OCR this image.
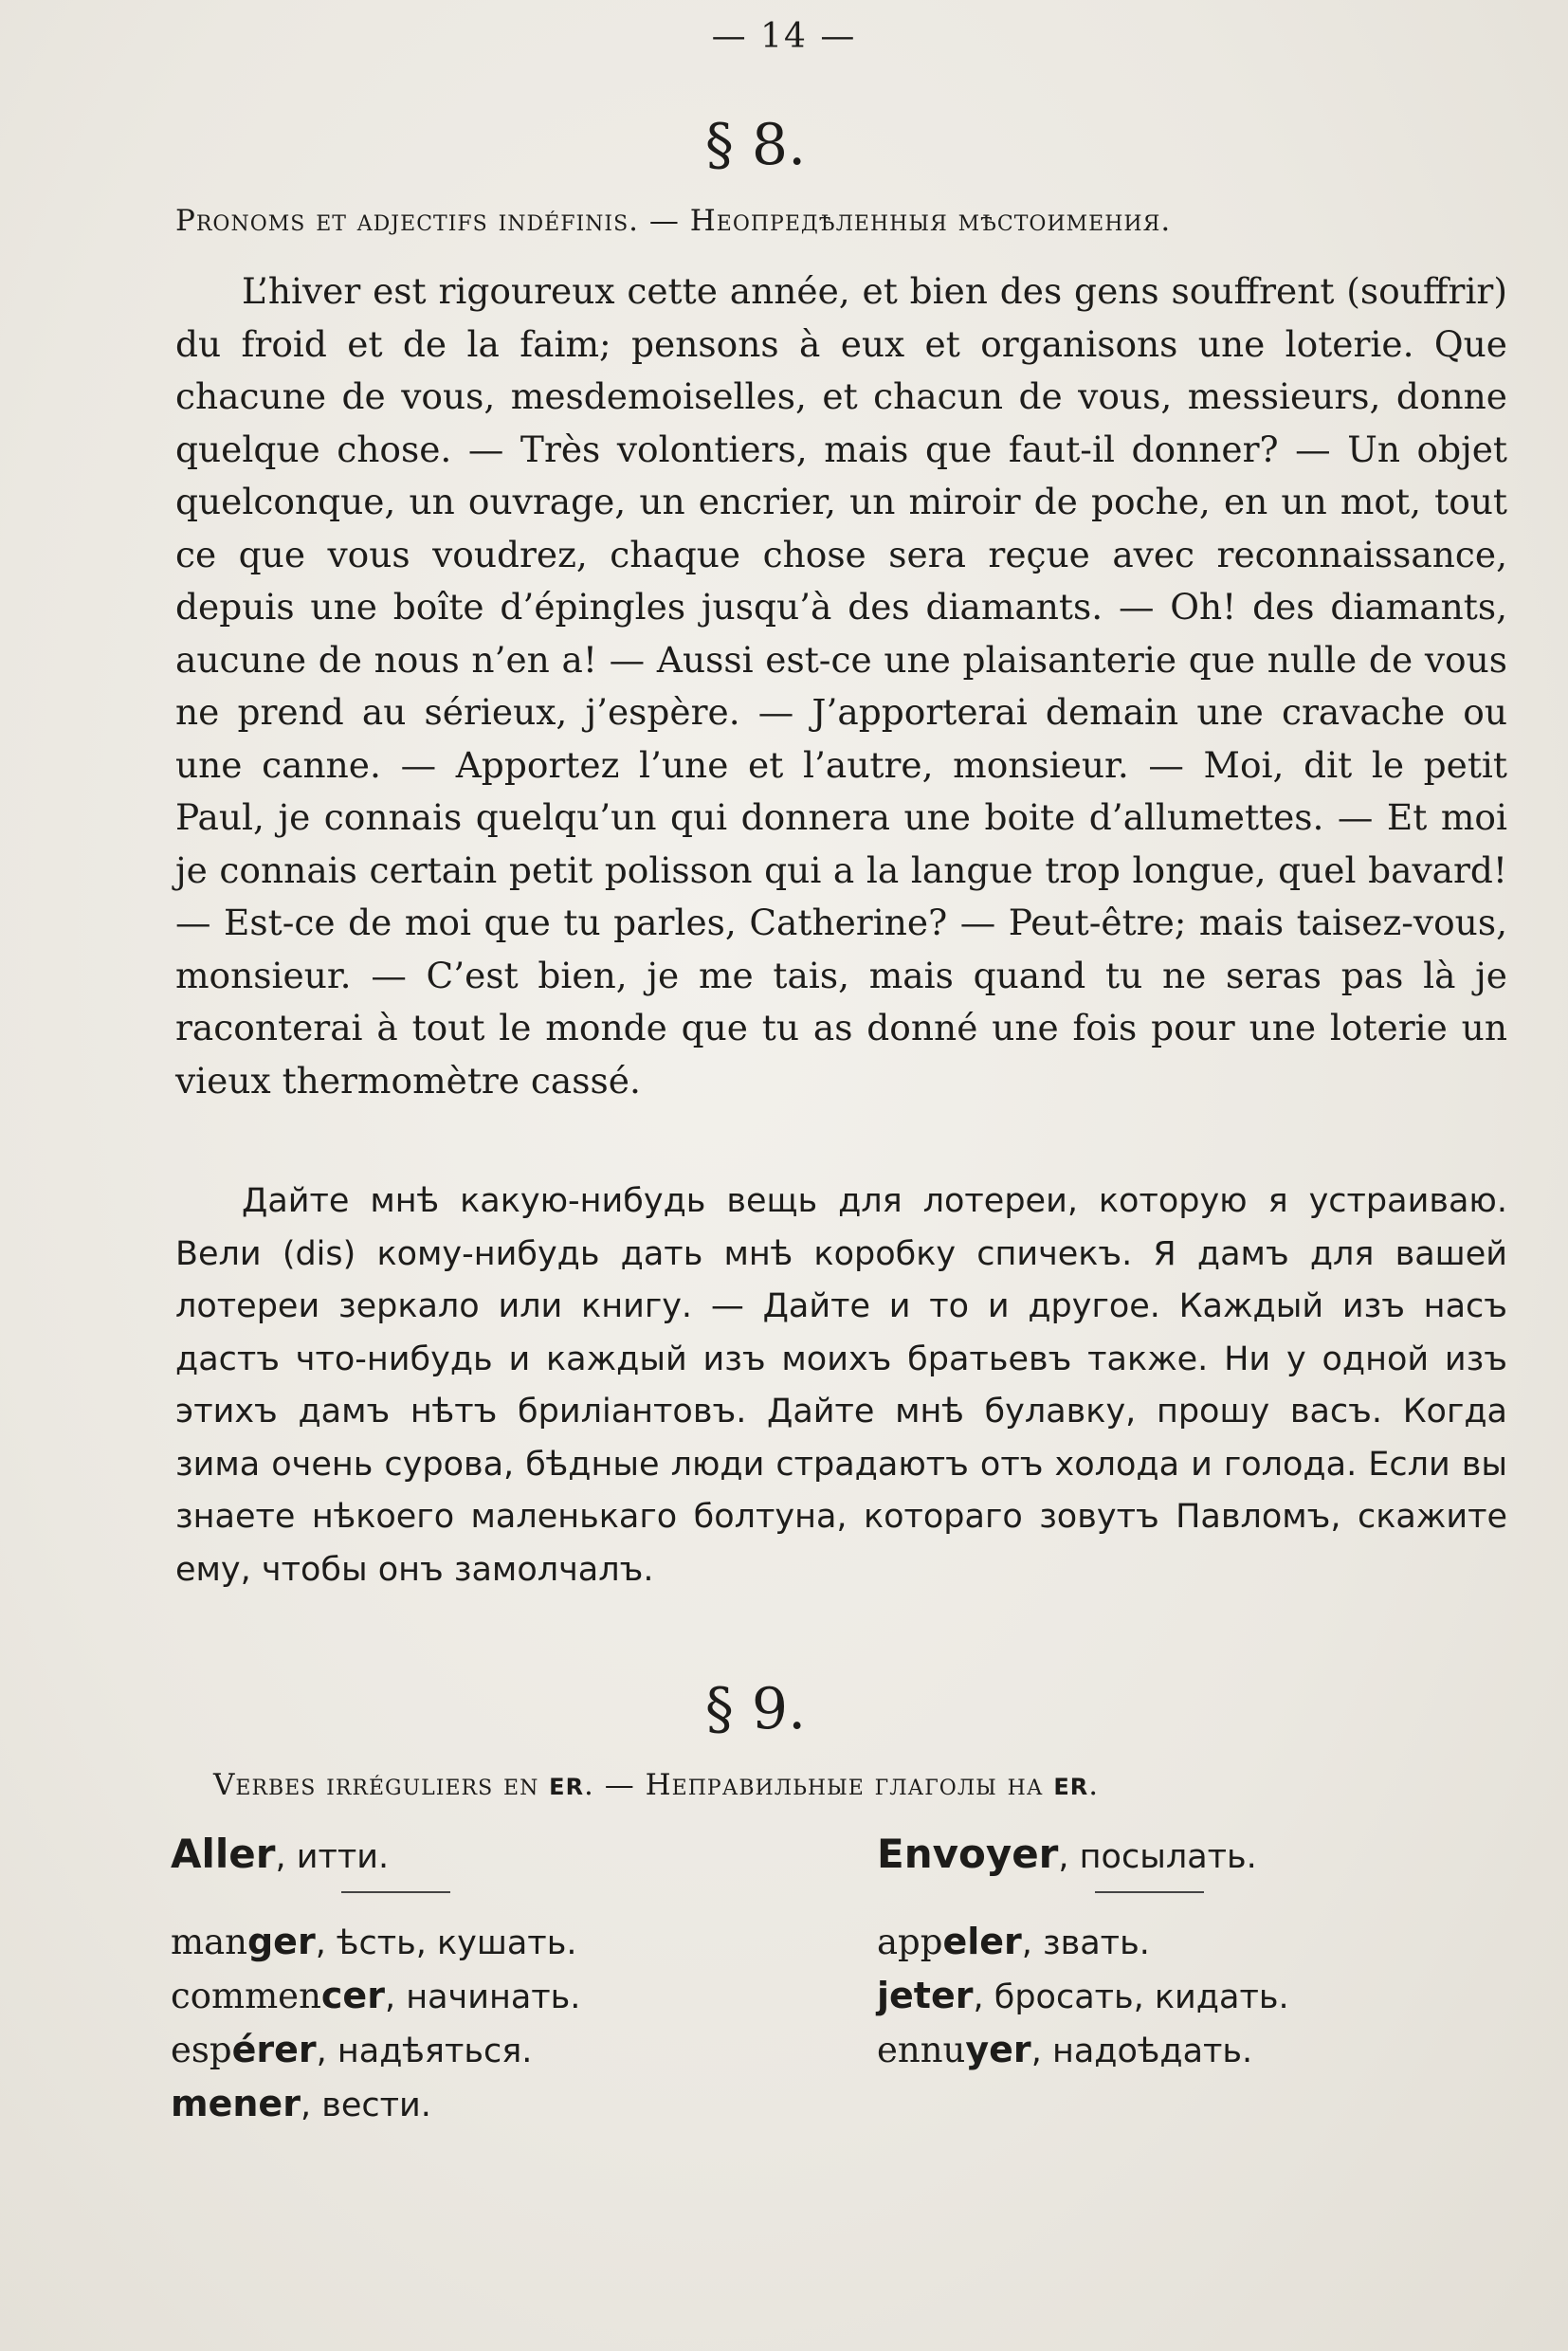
— 14 —
§ 8.
Pronoms et adjectifs indéfinis. — Неопредѣленныя мѣстоимения.

L’hiver est rigoureux cette année, et bien des gens souffrent (souffrir) du froid et de la faim; pensons à eux et organisons une loterie. Que chacune de vous, mesdemoiselles, et chacun de vous, messieurs, donne quelque chose. — Très volontiers, mais que faut-il donner? — Un objet quelconque, un ouvrage, un encrier, un miroir de poche, en un mot, tout ce que vous voudrez, chaque chose sera reçue avec reconnaissance, depuis une boîte d’épingles jusqu’à des diamants. — Oh! des diamants, aucune de nous n’en a! — Aussi est-ce une plaisanterie que nulle de vous ne prend au sérieux, j’espère. — J’apporterai demain une cravache ou une canne. — Apportez l’une et l’autre, monsieur. — Moi, dit le petit Paul, je connais quelqu’un qui donnera une boite d’allumettes. — Et moi je connais certain petit polisson qui a la langue trop longue, quel bavard! — Est-ce de moi que tu parles, Catherine? — Peut-être; mais taisez-vous, monsieur. — C’est bien, je me tais, mais quand tu ne seras pas là je raconterai à tout le monde que tu as donné une fois pour une loterie un vieux thermomètre cassé.

Дайте мнѣ какую-нибудь вещь для лотереи, которую я устраиваю. Вели (dis) кому-нибудь дать мнѣ коробку спичекъ. Я дамъ для вашей лотереи зеркало или книгу. — Дайте и то и другое. Каждый изъ насъ дастъ что-нибудь и каждый изъ моихъ братьевъ также. Ни у одной изъ этихъ дамъ нѣтъ бриліантовъ. Дайте мнѣ булавку, прошу васъ. Когда зима очень сурова, бѣдные люди страдаютъ отъ холода и голода. Если вы знаете нѣкоего маленькаго болтуна, котораго зовутъ Павломъ, скажите ему, чтобы онъ замолчалъ.

§ 9.
Verbes irréguliers en er. — Неправильные глаголы на er.
Aller, итти.
manger, ѣсть, кушать.
commencer, начинать.
espérer, надѣяться.
mener, вести.
Envoyer, посылать.
appeler, звать.
jeter, бросать, кидать.
ennuyer, надоѣдать.
